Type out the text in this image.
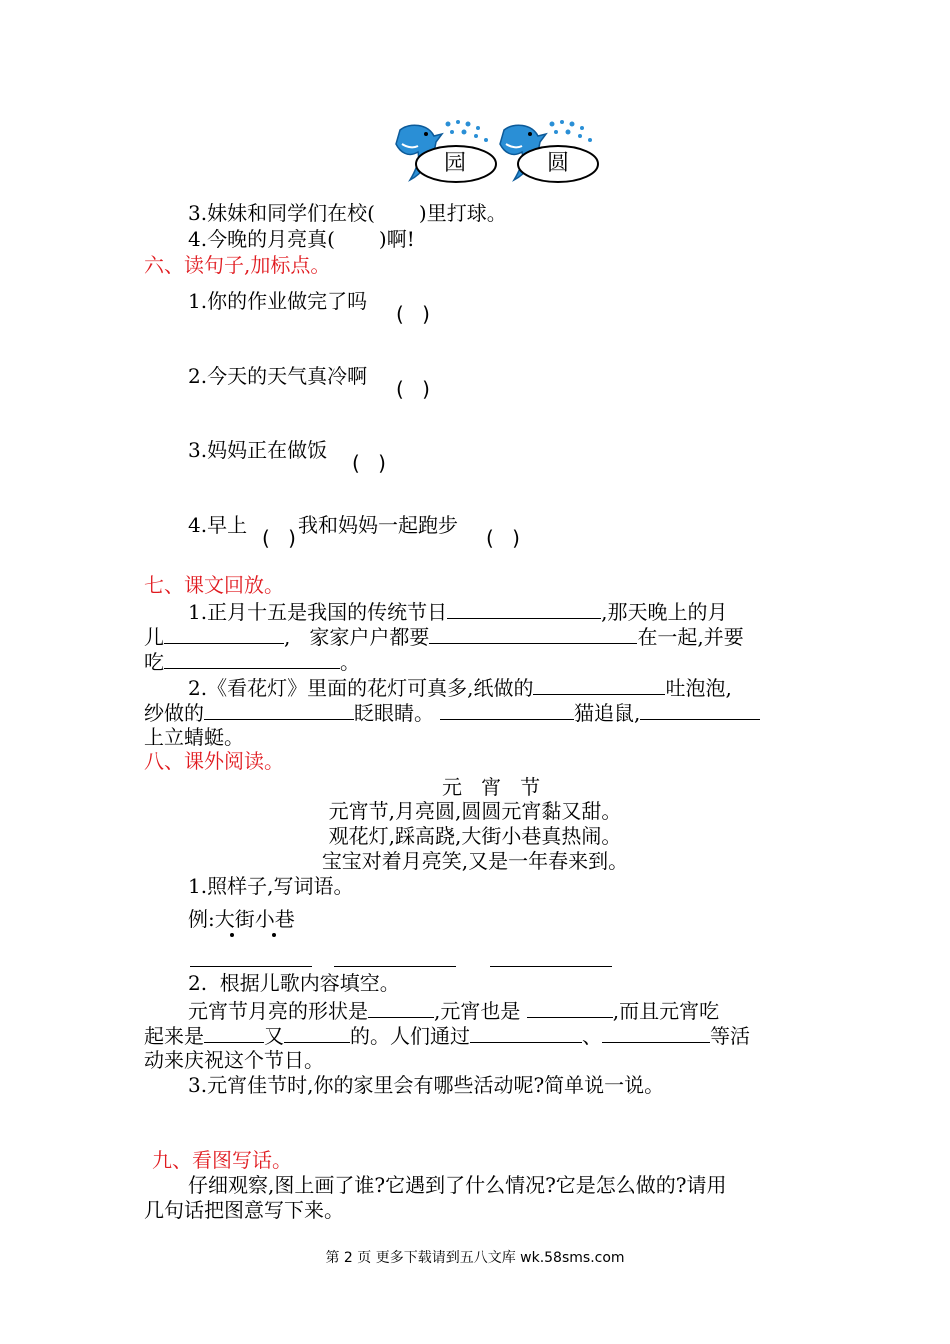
园	圆
3.妹妹和同学们在校( )里打球。
4.今晚的月亮真( )啊!
六、读句子,加标点。
1.你的作业做完了吗
( )
2.今天的天气真冷啊
( )
3.妈妈正在做饭
( )
4.早上
( )
我和妈妈一起跑步
( )
七、课文回放。
1.正月十五是我国的传统节日	,那天晚上的月
儿	,   家家户户都要	在一起,并要
吃	。
2.《看花灯》里面的花灯可真多,纸做的	吐泡泡,
纱做的	眨眼睛。	猫追鼠,
上立蜻蜓。
八、课外阅读。
元   宵   节
元宵节,月亮圆,圆圆元宵黏又甜。
观花灯,踩高跷,大街小巷真热闹。
宝宝对着月亮笑,又是一年春来到。
1.照样子,写词语。
例:大街小巷
2.  根据儿歌内容填空。
元宵节月亮的形状是	,元宵也是	,而且元宵吃
起来是	又	的。人们通过	、	等活
动来庆祝这个节日。
3.元宵佳节时,你的家里会有哪些活动呢?简单说一说。
九、看图写话。
仔细观察,图上画了谁?它遇到了什么情况?它是怎么做的?请用
几句话把图意写下来。
第 2 页 更多下载请到五八文库 wk.58sms.com
